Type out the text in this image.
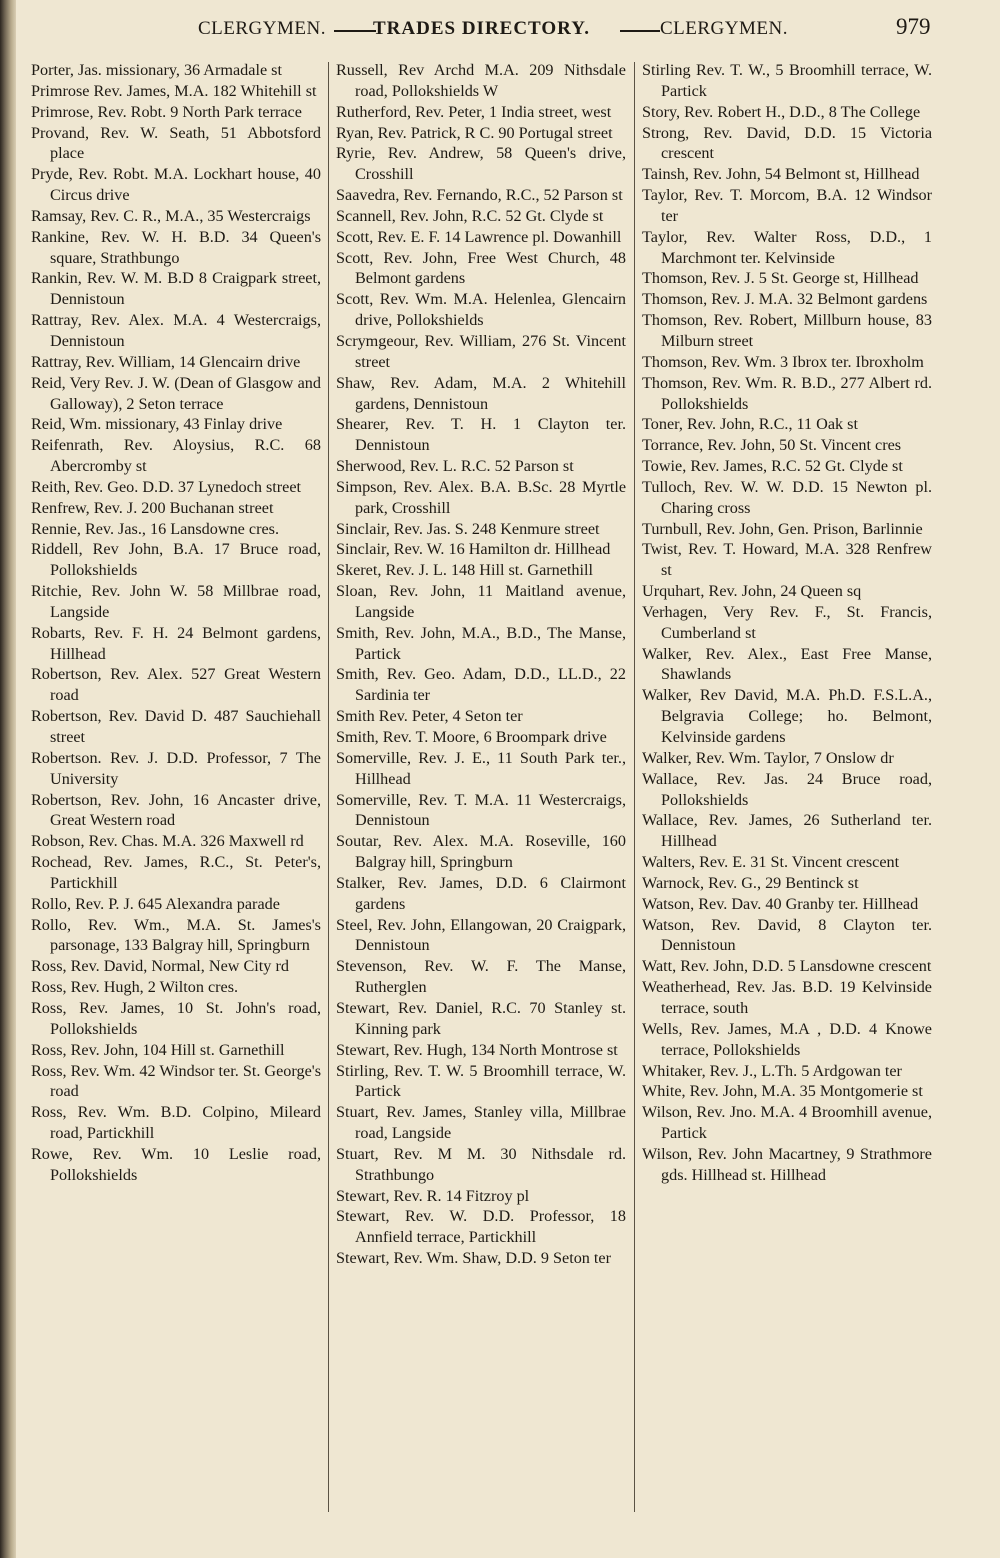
CLERGYMEN. TRADES DIRECTORY.	CLERGYMEN.	979
Porter, Jas. missionary, 36 Armadale st
Primrose Rev. James, M.A. 182 Whitehill st
Primrose, Rev. Robt. 9 North Park terrace
Provand, Rev. W. Seath, 51 Abbotsford place
Pryde, Rev. Robt. M.A. Lockhart house, 40 Circus drive
Ramsay, Rev. C. R., M.A., 35 Westercraigs
Rankine, Rev. W. H. B.D. 34 Queen's square, Strathbungo
Rankin, Rev. W. M. B.D 8 Craigpark street, Dennistoun
Rattray, Rev. Alex. M.A. 4 Westercraigs, Dennistoun
Rattray, Rev. William, 14 Glencairn drive
Reid, Very Rev. J. W. (Dean of Glasgow and Galloway), 2 Seton terrace
Reid, Wm. missionary, 43 Finlay drive
Reifenrath, Rev. Aloysius, R.C. 68 Abercromby st
Reith, Rev. Geo. D.D. 37 Lynedoch street
Renfrew, Rev. J. 200 Buchanan street
Rennie, Rev. Jas., 16 Lansdowne cres.
Riddell, Rev John, B.A. 17 Bruce road, Pollokshields
Ritchie, Rev. John W. 58 Millbrae road, Langside
Robarts, Rev. F. H. 24 Belmont gardens, Hillhead
Robertson, Rev. Alex. 527 Great Western road
Robertson, Rev. David D. 487 Sauchiehall street
Robertson. Rev. J. D.D. Professor, 7 The University
Robertson, Rev. John, 16 Ancaster drive, Great Western road
Robson, Rev. Chas. M.A. 326 Maxwell rd
Rochead, Rev. James, R.C., St. Peter's, Partickhill
Rollo, Rev. P. J. 645 Alexandra parade
Rollo, Rev. Wm., M.A. St. James's parsonage, 133 Balgray hill, Springburn
Ross, Rev. David, Normal, New City rd
Ross, Rev. Hugh, 2 Wilton cres.
Ross, Rev. James, 10 St. John's road, Pollokshields
Ross, Rev. John, 104 Hill st. Garnethill
Ross, Rev. Wm. 42 Windsor ter. St. George's road
Ross, Rev. Wm. B.D. Colpino, Mileard road, Partickhill
Rowe, Rev. Wm. 10 Leslie road, Pollokshields
Russell, Rev Archd M.A. 209 Nithsdale road, Pollokshields W
Rutherford, Rev. Peter, 1 India street, west
Ryan, Rev. Patrick, R C. 90 Portugal street
Ryrie, Rev. Andrew, 58 Queen's drive, Crosshill
Saavedra, Rev. Fernando, R.C., 52 Parson st
Scannell, Rev. John, R.C. 52 Gt. Clyde st
Scott, Rev. E. F. 14 Lawrence pl. Dowanhill
Scott, Rev. John, Free West Church, 48 Belmont gardens
Scott, Rev. Wm. M.A. Helenlea, Glencairn drive, Pollokshields
Scrymgeour, Rev. William, 276 St. Vincent street
Shaw, Rev. Adam, M.A. 2 Whitehill gardens, Dennistoun
Shearer, Rev. T. H. 1 Clayton ter. Dennistoun
Sherwood, Rev. L. R.C. 52 Parson st
Simpson, Rev. Alex. B.A. B.Sc. 28 Myrtle park, Crosshill
Sinclair, Rev. Jas. S. 248 Kenmure street
Sinclair, Rev. W. 16 Hamilton dr. Hillhead
Skeret, Rev. J. L. 148 Hill st. Garnethill
Sloan, Rev. John, 11 Maitland avenue, Langside
Smith, Rev. John, M.A., B.D., The Manse, Partick
Smith, Rev. Geo. Adam, D.D., LL.D., 22 Sardinia ter
Smith Rev. Peter, 4 Seton ter
Smith, Rev. T. Moore, 6 Broompark drive
Somerville, Rev. J. E., 11 South Park ter., Hillhead
Somerville, Rev. T. M.A. 11 Westercraigs, Dennistoun
Soutar, Rev. Alex. M.A. Roseville, 160 Balgray hill, Springburn
Stalker, Rev. James, D.D. 6 Clairmont gardens
Steel, Rev. John, Ellangowan, 20 Craigpark, Dennistoun
Stevenson, Rev. W. F. The Manse, Rutherglen
Stewart, Rev. Daniel, R.C. 70 Stanley st. Kinning park
Stewart, Rev. Hugh, 134 North Montrose st
Stirling, Rev. T. W. 5 Broomhill terrace, W. Partick
Stuart, Rev. James, Stanley villa, Millbrae road, Langside
Stuart, Rev. M M. 30 Nithsdale rd. Strathbungo
Stewart, Rev. R. 14 Fitzroy pl
Stewart, Rev. W. D.D. Professor, 18 Annfield terrace, Partickhill
Stewart, Rev. Wm. Shaw, D.D. 9 Seton ter
Stirling Rev. T. W., 5 Broomhill terrace, W. Partick
Story, Rev. Robert H., D.D., 8 The College
Strong, Rev. David, D.D. 15 Victoria crescent
Tainsh, Rev. John, 54 Belmont st, Hillhead
Taylor, Rev. T. Morcom, B.A. 12 Windsor ter
Taylor, Rev. Walter Ross, D.D., 1 Marchmont ter. Kelvinside
Thomson, Rev. J. 5 St. George st, Hillhead
Thomson, Rev. J. M.A. 32 Belmont gardens
Thomson, Rev. Robert, Millburn house, 83 Milburn street
Thomson, Rev. Wm. 3 Ibrox ter. Ibroxholm
Thomson, Rev. Wm. R. B.D., 277 Albert rd. Pollokshields
Toner, Rev. John, R.C., 11 Oak st
Torrance, Rev. John, 50 St. Vincent cres
Towie, Rev. James, R.C. 52 Gt. Clyde st
Tulloch, Rev. W. W. D.D. 15 Newton pl. Charing cross
Turnbull, Rev. John, Gen. Prison, Barlinnie
Twist, Rev. T. Howard, M.A. 328 Renfrew st
Urquhart, Rev. John, 24 Queen sq
Verhagen, Very Rev. F., St. Francis, Cumberland st
Walker, Rev. Alex., East Free Manse, Shawlands
Walker, Rev David, M.A. Ph.D. F.S.L.A., Belgravia College; ho. Belmont, Kelvinside gardens
Walker, Rev. Wm. Taylor, 7 Onslow dr
Wallace, Rev. Jas. 24 Bruce road, Pollokshields
Wallace, Rev. James, 26 Sutherland ter. Hillhead
Walters, Rev. E. 31 St. Vincent crescent
Warnock, Rev. G., 29 Bentinck st
Watson, Rev. Dav. 40 Granby ter. Hillhead
Watson, Rev. David, 8 Clayton ter. Dennistoun
Watt, Rev. John, D.D. 5 Lansdowne crescent
Weatherhead, Rev. Jas. B.D. 19 Kelvinside terrace, south
Wells, Rev. James, M.A , D.D. 4 Knowe terrace, Pollokshields
Whitaker, Rev. J., L.Th. 5 Ardgowan ter
White, Rev. John, M.A. 35 Montgomerie st
Wilson, Rev. Jno. M.A. 4 Broomhill avenue, Partick
Wilson, Rev. John Macartney, 9 Strathmore gds. Hillhead st. Hillhead
